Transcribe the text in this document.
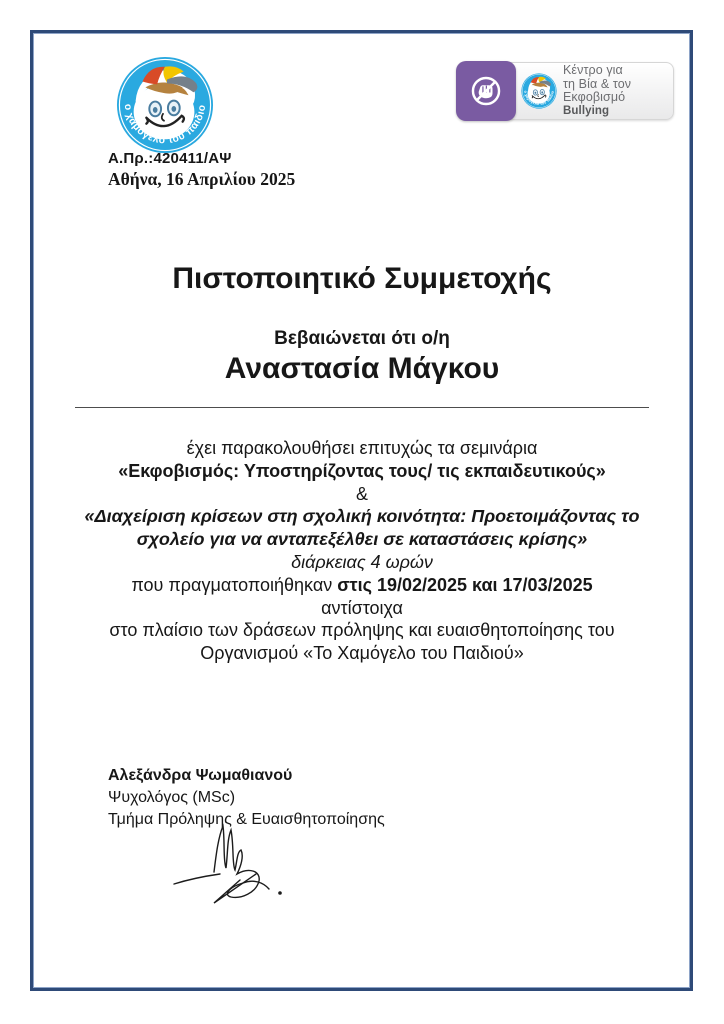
Κέντρο για
τη Βία & τον
Εκφοβισμό
Bullying
Α.Πρ.:420411/ΑΨ
Αθήνα, 16 Απριλίου 2025
Πιστοποιητικό Συμμετοχής
Βεβαιώνεται ότι ο/η
Αναστασία Μάγκου
έχει παρακολουθήσει επιτυχώς τα σεμινάρια
«Εκφοβισμός: Υποστηρίζοντας τους/ τις εκπαιδευτικούς»
&
«Διαχείριση κρίσεων στη σχολική κοινότητα: Προετοιμάζοντας το
σχολείο για να ανταπεξέλθει σε καταστάσεις κρίσης»
διάρκειας 4 ωρών
που πραγματοποιήθηκαν στις 19/02/2025 και 17/03/2025
αντίστοιχα
στο πλαίσιο των δράσεων πρόληψης και ευαισθητοποίησης του
Οργανισμού «Το Χαμόγελο του Παιδιού»
Αλεξάνδρα Ψωμαθιανού
Ψυχολόγος (MSc)
Τμήμα Πρόληψης & Ευαισθητοποίησης
